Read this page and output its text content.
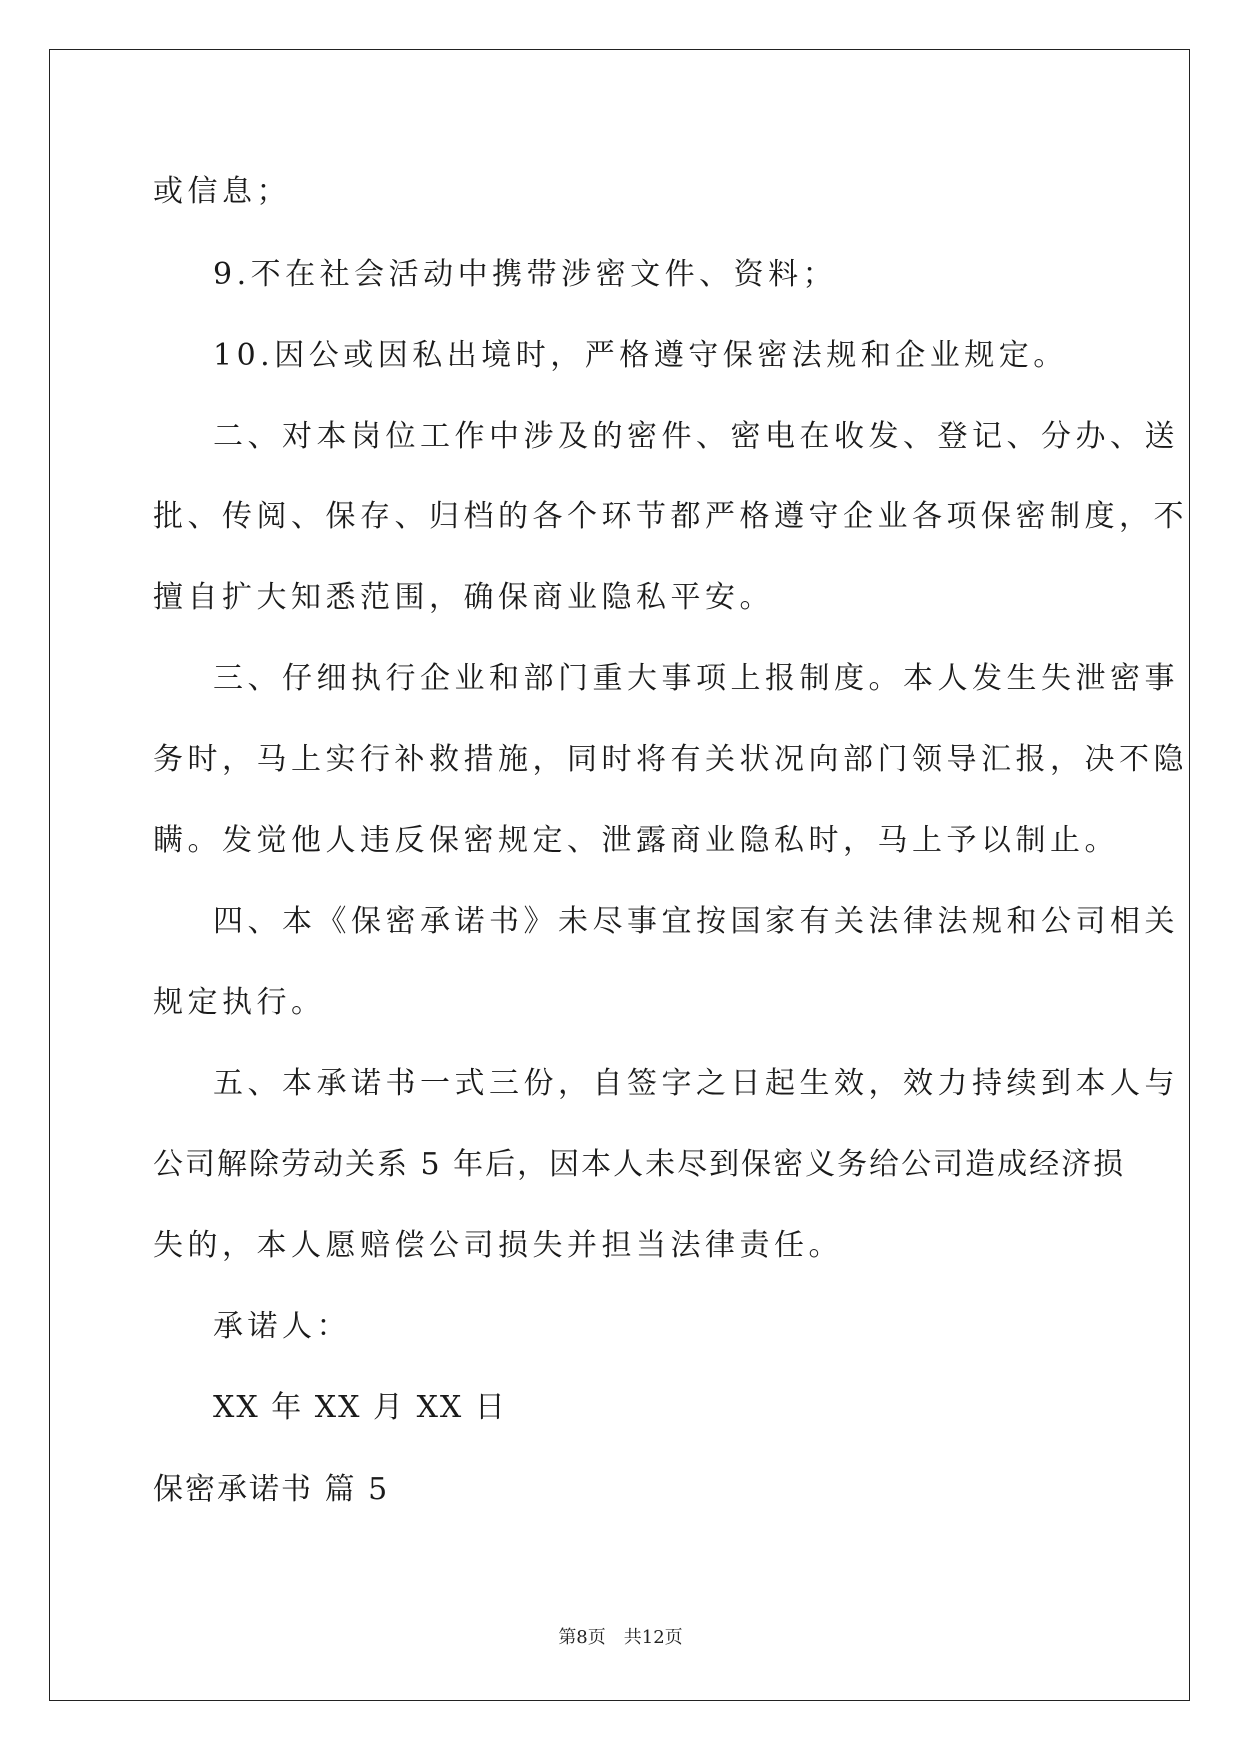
或信息；
9.不在社会活动中携带涉密文件、资料；
10.因公或因私出境时，严格遵守保密法规和企业规定。
二、对本岗位工作中涉及的密件、密电在收发、登记、分办、送
批、传阅、保存、归档的各个环节都严格遵守企业各项保密制度，不
擅自扩大知悉范围，确保商业隐私平安。
三、仔细执行企业和部门重大事项上报制度。本人发生失泄密事
务时，马上实行补救措施，同时将有关状况向部门领导汇报，决不隐
瞒。发觉他人违反保密规定、泄露商业隐私时，马上予以制止。
四、本《保密承诺书》未尽事宜按国家有关法律法规和公司相关
规定执行。
五、本承诺书一式三份，自签字之日起生效，效力持续到本人与
公司解除劳动关系 5 年后，因本人未尽到保密义务给公司造成经济损
失的，本人愿赔偿公司损失并担当法律责任。
承诺人：
XX 年 XX 月 XX 日
保密承诺书 篇 5
第8页 共12页
